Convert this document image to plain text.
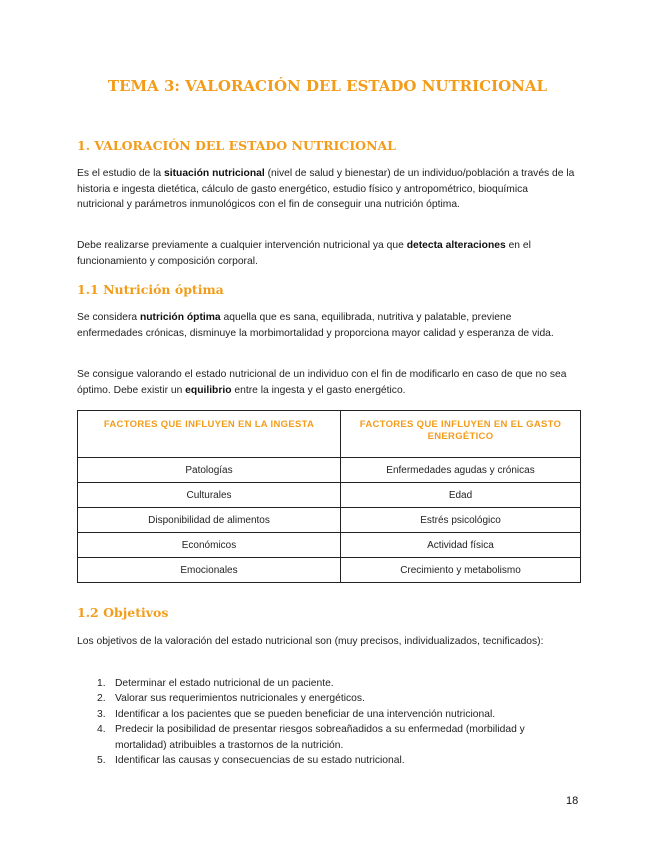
TEMA 3: VALORACIÓN DEL ESTADO NUTRICIONAL
1. VALORACIÓN DEL ESTADO NUTRICIONAL

Es el estudio de la situación nutricional (nivel de salud y bienestar) de un individuo/población a través de la historia e ingesta dietética, cálculo de gasto energético, estudio físico y antropométrico, bioquímica nutricional y parámetros inmunológicos con el fin de conseguir una nutrición óptima.

Debe realizarse previamente a cualquier intervención nutricional ya que detecta alteraciones en el funcionamiento y composición corporal.

1.1 Nutrición óptima

Se considera nutrición óptima aquella que es sana, equilibrada, nutritiva y palatable, previene enfermedades crónicas, disminuye la morbimortalidad y proporciona mayor calidad y esperanza de vida.

Se consigue valorando el estado nutricional de un individuo con el fin de modificarlo en caso de que no sea óptimo. Debe existir un equilibrio entre la ingesta y el gasto energético.

FACTORES QUE INFLUYEN EN LA INGESTA	FACTORES QUE INFLUYEN EN EL GASTO ENERGÉTICO
Patologías	Enfermedades agudas y crónicas
Culturales	Edad
Disponibilidad de alimentos	Estrés psicológico
Económicos	Actividad física
Emocionales	Crecimiento y metabolismo
1.2 Objetivos

Los objetivos de la valoración del estado nutricional son (muy precisos, individualizados, tecnificados):

1. Determinar el estado nutricional de un paciente.
2. Valorar sus requerimientos nutricionales y energéticos.
3. Identificar a los pacientes que se pueden beneficiar de una intervención nutricional.
4. Predecir la posibilidad de presentar riesgos sobreañadidos a su enfermedad (morbilidad y mortalidad) atribuibles a trastornos de la nutrición.
5. Identificar las causas y consecuencias de su estado nutricional.
18
